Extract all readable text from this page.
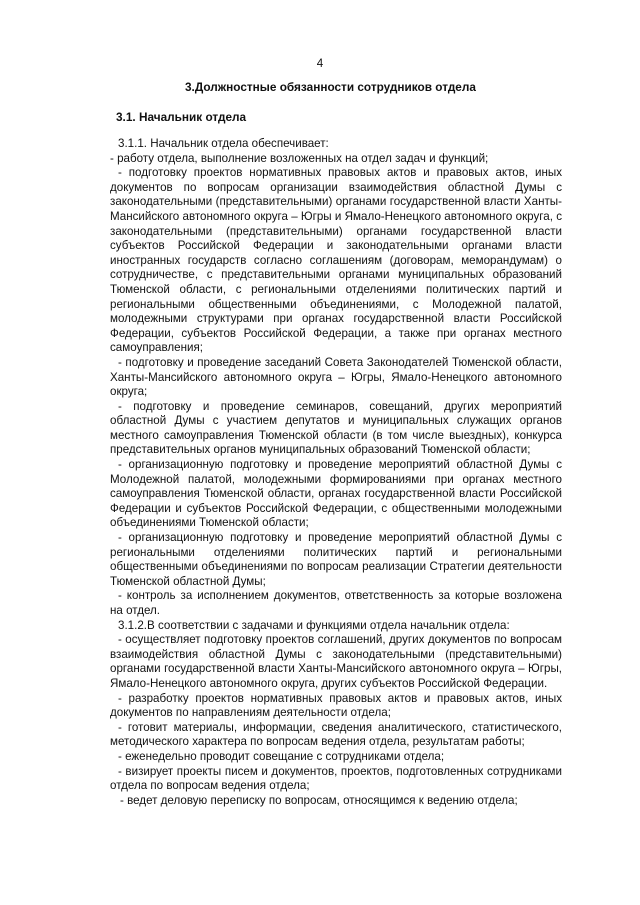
4
3.Должностные обязанности сотрудников отдела
3.1. Начальник отдела

3.1.1. Начальник отдела обеспечивает:

- работу отдела, выполнение возложенных на отдел задач и функций;

- подготовку проектов нормативных правовых актов и правовых актов, иных документов по вопросам организации взаимодействия областной Думы с законодательными (представительными) органами государственной власти Ханты-Мансийского автономного округа – Югры и Ямало-Ненецкого автономного округа, с законодательными (представительными) органами государственной власти субъектов Российской Федерации и законодательными органами власти иностранных государств согласно соглашениям (договорам, меморандумам) о сотрудничестве, с представительными органами муниципальных образований Тюменской области, с региональными отделениями политических партий и региональными общественными объединениями, с Молодежной палатой, молодежными структурами при органах государственной власти Российской Федерации, субъектов Российской Федерации, а также при органах местного самоуправления;

- подготовку и проведение заседаний Совета Законодателей Тюменской области, Ханты-Мансийского автономного округа – Югры, Ямало-Ненецкого автономного округа;

- подготовку и проведение семинаров, совещаний, других мероприятий областной Думы с участием депутатов и муниципальных служащих органов местного самоуправления Тюменской области (в том числе выездных), конкурса представительных органов муниципальных образований Тюменской области;

- организационную подготовку и проведение мероприятий областной Думы с Молодежной палатой, молодежными формированиями при органах местного самоуправления Тюменской области, органах государственной власти Российской Федерации и субъектов Российской Федерации, с общественными молодежными объединениями Тюменской области;

- организационную подготовку и проведение мероприятий областной Думы с региональными отделениями политических партий и региональными общественными объединениями по вопросам реализации Стратегии деятельности Тюменской областной Думы;

- контроль за исполнением документов, ответственность за которые возложена на отдел.

3.1.2.В соответствии с задачами и функциями отдела начальник отдела:

- осуществляет подготовку проектов соглашений, других документов по вопросам взаимодействия областной Думы с законодательными (представительными) органами государственной власти Ханты-Мансийского автономного округа – Югры, Ямало-Ненецкого автономного округа, других субъектов Российской Федерации.

- разработку проектов нормативных правовых актов и правовых актов, иных документов по направлениям деятельности отдела;

- готовит материалы, информации, сведения аналитического, статистического, методического характера по вопросам ведения отдела, результатам работы;

- еженедельно проводит совещание с сотрудниками отдела;

- визирует проекты писем и документов, проектов, подготовленных сотрудниками отдела по вопросам ведения отдела;

- ведет деловую переписку по вопросам, относящимся к ведению отдела;
